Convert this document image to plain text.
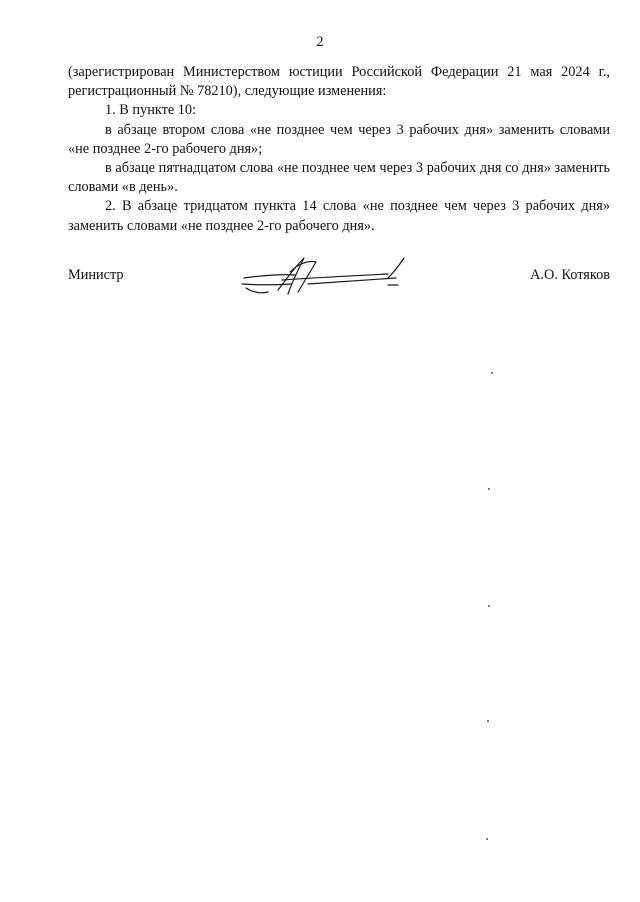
2

(зарегистрирован Министерством юстиции Российской Федерации 21 мая 2024 г., регистрационный № 78210), следующие изменения:

1. В пункте 10:

в абзаце втором слова «не позднее чем через 3 рабочих дня» заменить словами «не позднее 2-го рабочего дня»;

в абзаце пятнадцатом слова «не позднее чем через 3 рабочих дня со дня» заменить словами «в день».

2. В абзаце тридцатом пункта 14 слова «не позднее чем через 3 рабочих дня» заменить словами «не позднее 2-го рабочего дня».

Министр	А.О. Котяков
